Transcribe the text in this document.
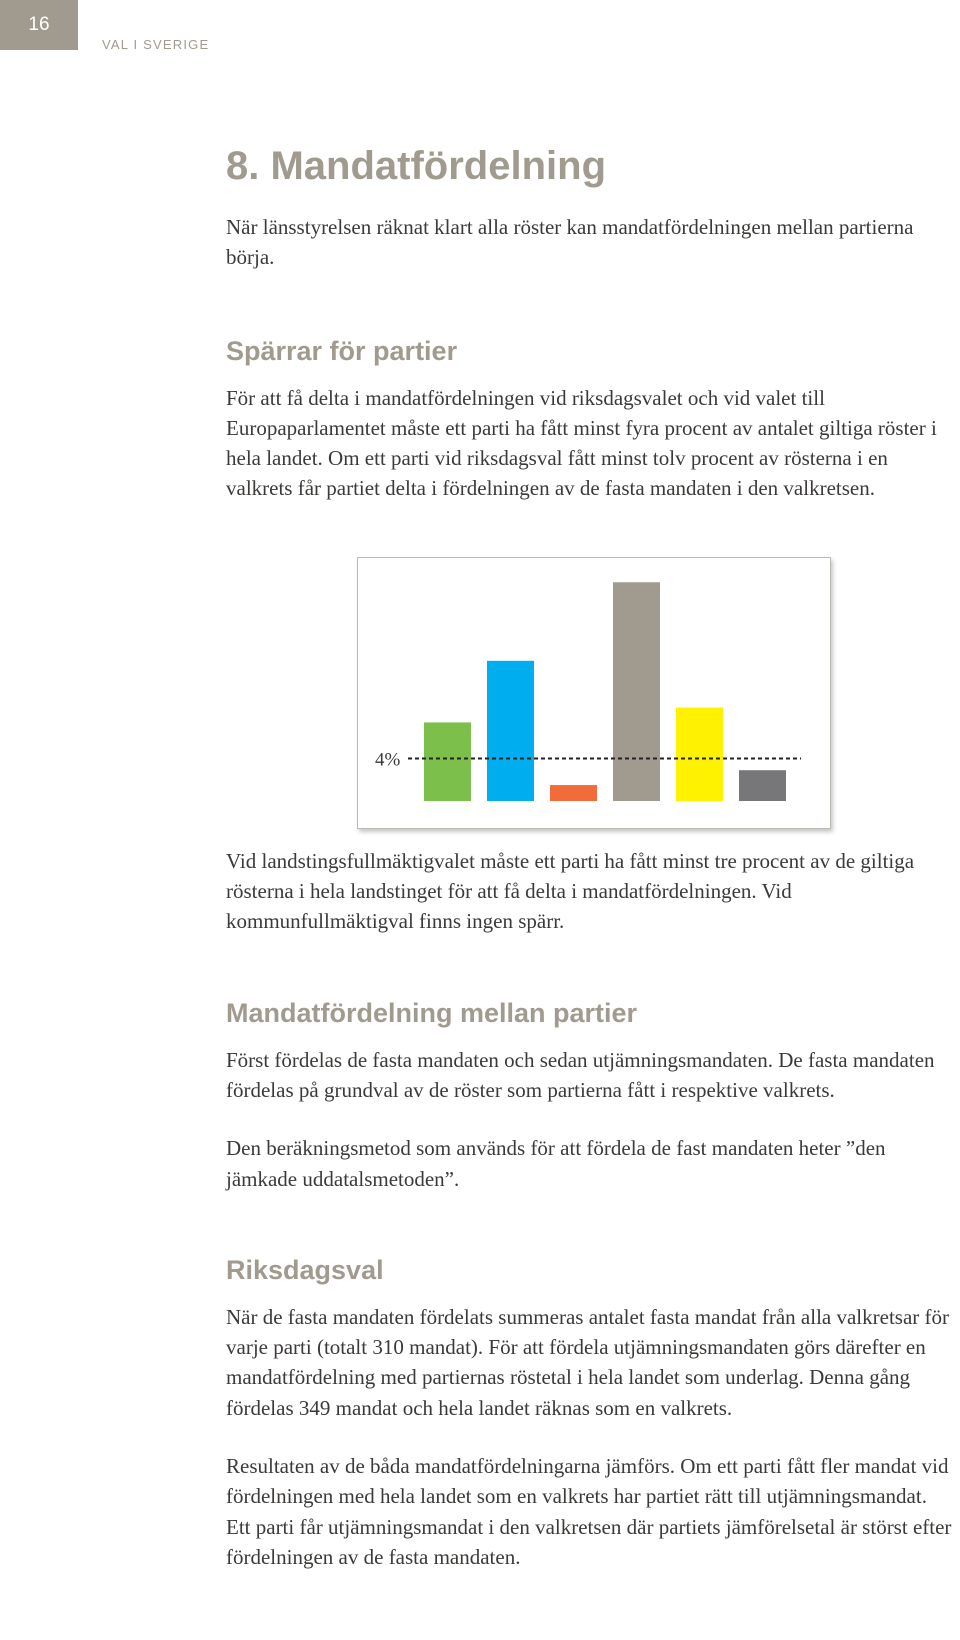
16
VAL I SVERIGE
8. Mandatfördelning

När länsstyrelsen räknat klart alla röster kan mandatfördelningen mellan partierna börja.

Spärrar för partier

För att få delta i mandatfördelningen vid riksdagsvalet och vid valet till Europaparlamentet måste ett parti ha fått minst fyra procent av antalet giltiga röster i hela landet. Om ett parti vid riksdagsval fått minst tolv procent av rösterna i en valkrets får partiet delta i fördelningen av de fasta mandaten i den valkretsen.

Vid landstingsfullmäktigvalet måste ett parti ha fått minst tre procent av de giltiga rösterna i hela landstinget för att få delta i mandatfördelningen. Vid kommunfullmäktigval finns ingen spärr.

Mandatfördelning mellan partier

Först fördelas de fasta mandaten och sedan utjämningsmandaten. De fasta mandaten fördelas på grundval av de röster som partierna fått i respektive valkrets.

Den beräkningsmetod som används för att fördela de fast mandaten heter ”den jämkade uddatalsmetoden”.

Riksdagsval

När de fasta mandaten fördelats summeras antalet fasta mandat från alla valkretsar för varje parti (totalt 310 mandat). För att fördela utjämningsmandaten görs därefter en mandatfördelning med partiernas röstetal i hela landet som underlag. Denna gång fördelas 349 mandat och hela landet räknas som en valkrets.

Resultaten av de båda mandatfördelningarna jämförs. Om ett parti fått fler mandat vid fördelningen med hela landet som en valkrets har partiet rätt till utjämningsmandat. Ett parti får utjämningsmandat i den valkretsen där partiets jämförelsetal är störst efter fördelningen av de fasta mandaten.

4%
